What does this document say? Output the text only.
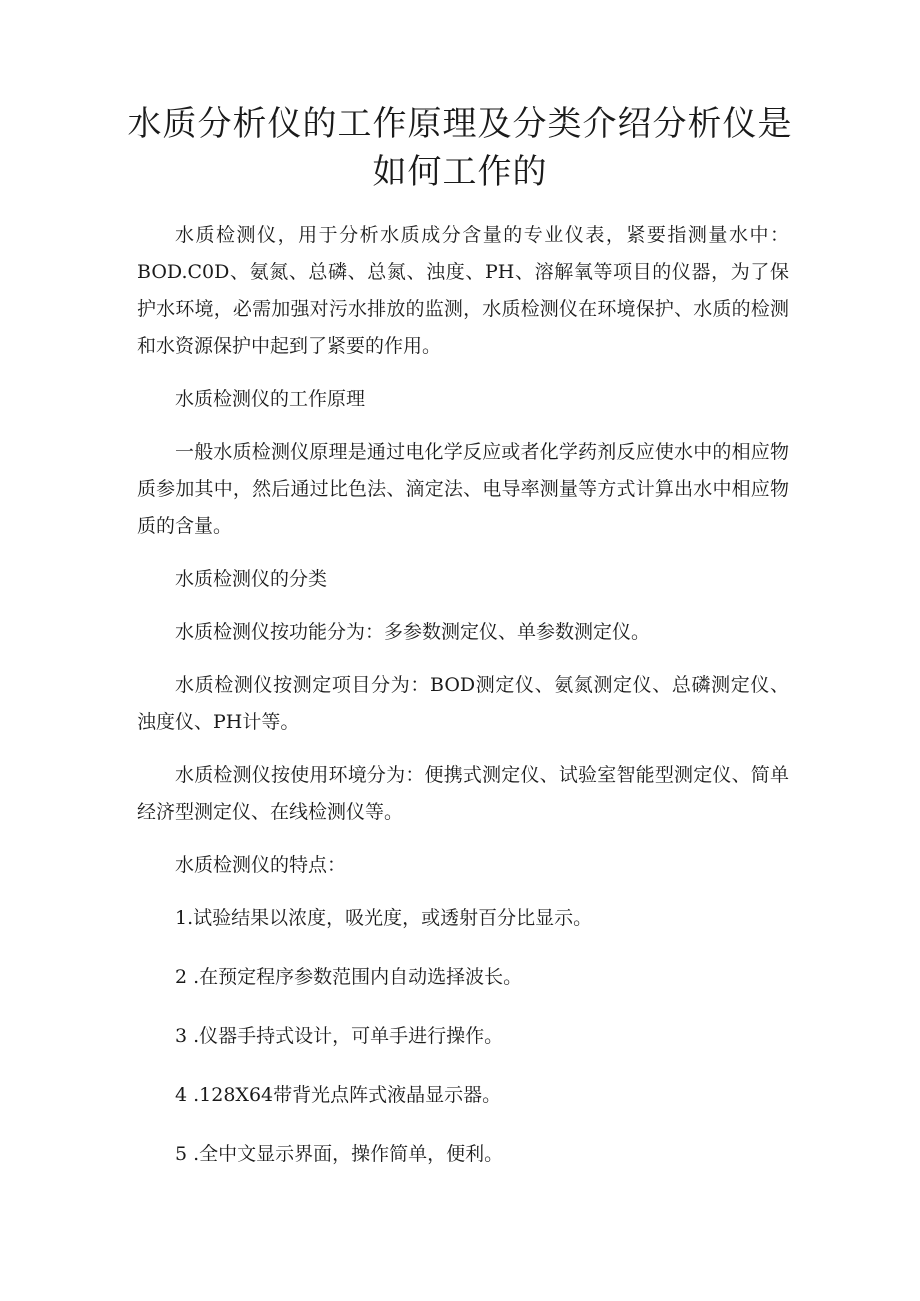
水质分析仪的工作原理及分类介绍分析仪是
如何工作的

水质检测仪，用于分析水质成分含量的专业仪表，紧要指测量水中：BOD.C0D、氨氮、总磷、总氮、浊度、PH、溶解氧等项目的仪器，为了保护水环境，必需加强对污水排放的监测，水质检测仪在环境保护、水质的检测和水资源保护中起到了紧要的作用。

水质检测仪的工作原理

一般水质检测仪原理是通过电化学反应或者化学药剂反应使水中的相应物质参加其中，然后通过比色法、滴定法、电导率测量等方式计算出水中相应物质的含量。

水质检测仪的分类

水质检测仪按功能分为：多参数测定仪、单参数测定仪。

水质检测仪按测定项目分为：BOD测定仪、氨氮测定仪、总磷测定仪、浊度仪、PH计等。

水质检测仪按使用环境分为：便携式测定仪、试验室智能型测定仪、简单经济型测定仪、在线检测仪等。

水质检测仪的特点：

1.试验结果以浓度，吸光度，或透射百分比显示。

2 .在预定程序参数范围内自动选择波长。

3 .仪器手持式设计，可单手进行操作。

4 .128X64带背光点阵式液晶显示器。

5 .全中文显示界面，操作简单，便利。
